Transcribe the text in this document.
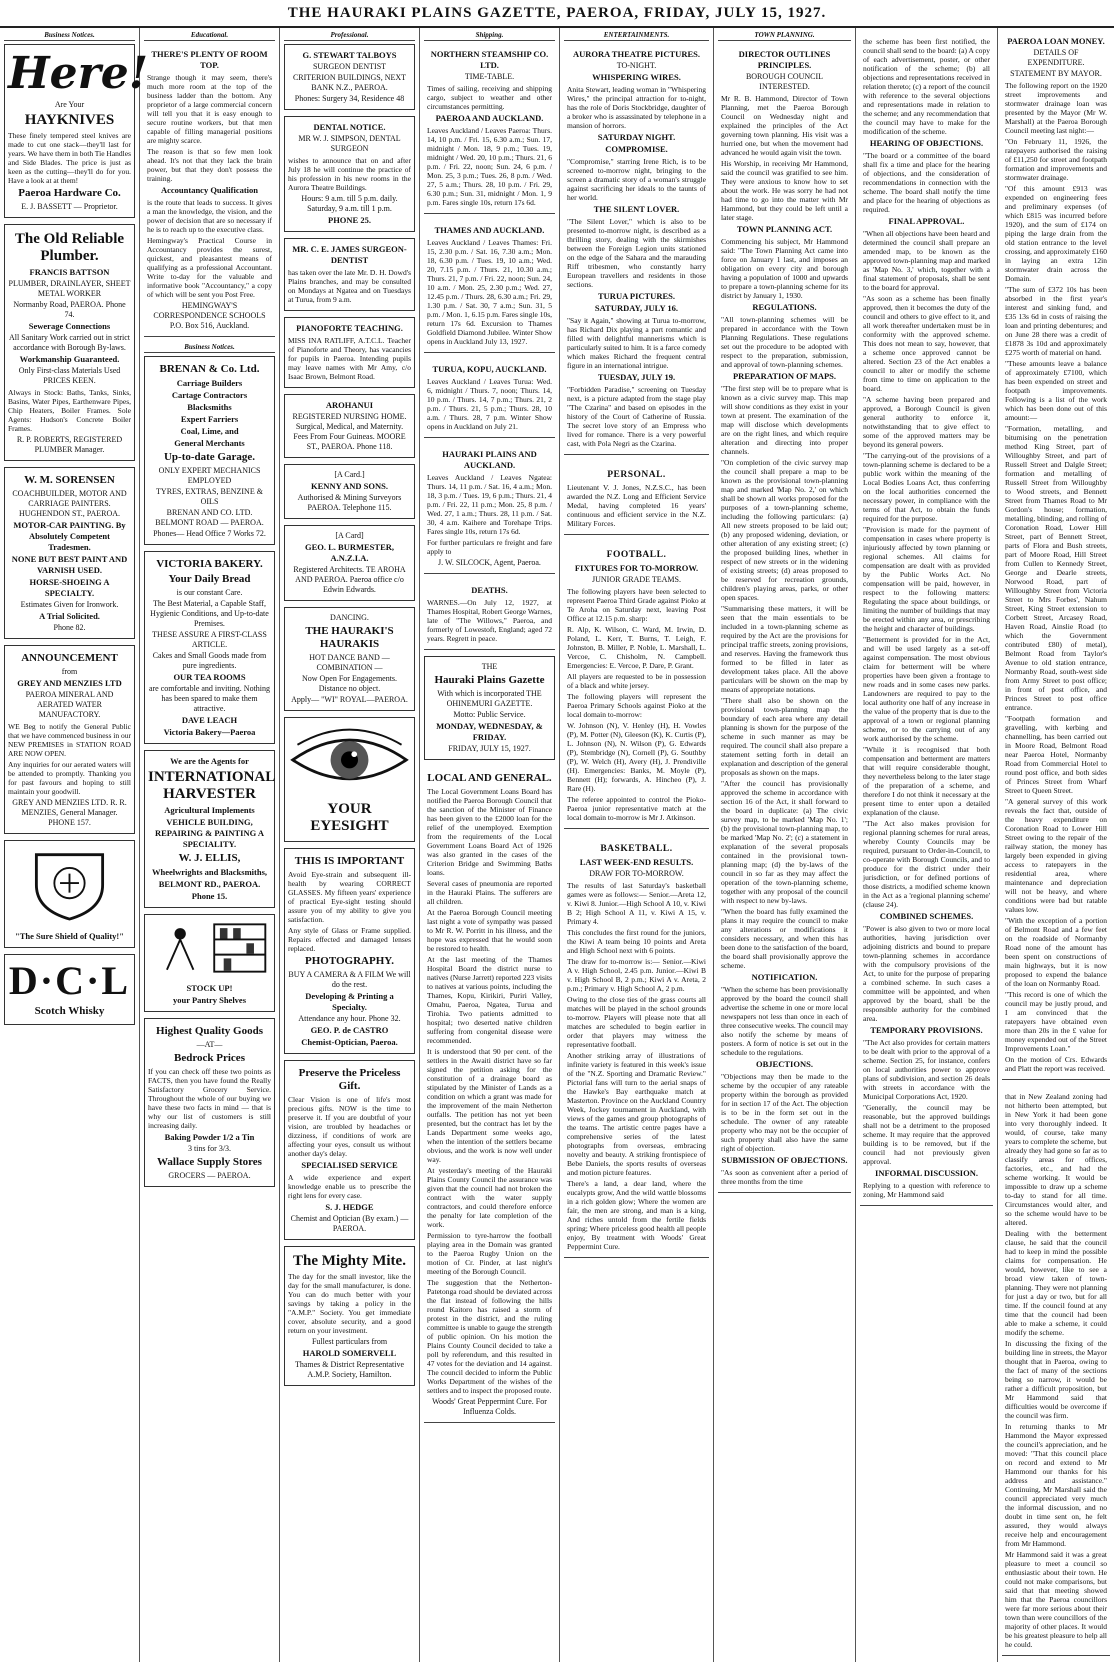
THE HAURAKI PLAINS GAZETTE, PAEROA, FRIDAY, JULY 15, 1927.
Business Notices.
Here!
Are Your
HAYKNIVES
These finely tempered steel knives are made to cut one stack—they'll last for years. We have them in both Tie Handles and Side Blades. The price is just as keen as the cutting—they'll do for you. Have a look at at them!
Paeroa Hardware Co.
E. J. BASSETT — Proprietor.
The Old Reliable Plumber.
FRANCIS BATTSON
PLUMBER, DRAINLAYER, SHEET METAL WORKER
Normanby Road, PAEROA. Phone 74.
Sewerage Connections
All Sanitary Work carried out in strict accordance with Borough By-laws.
Workmanship Guaranteed.
Only First-class Materials Used PRICES KEEN.
Always in Stock: Baths, Tanks, Sinks, Basins, Water Pipes, Earthenware Pipes, Chip Heaters, Boiler Frames. Sole Agents: Hudson's Concrete Boiler Frames.
R. P. ROBERTS, REGISTERED PLUMBER Manager.
W. M. SORENSEN
COACHBUILDER, MOTOR AND CARRIAGE PAINTERS. HUGHENDON ST., PAEROA.
MOTOR-CAR PAINTING. By Absolutely Competent Tradesmen.
NONE BUT BEST PAINT AND VARNISH USED.
HORSE-SHOEING A SPECIALTY.
Estimates Given for Ironwork.
A Trial Solicited.
Phone 82.
ANNOUNCEMENT
from
GREY AND MENZIES LTD
PAEROA MINERAL AND AERATED WATER MANUFACTORY.
WE Beg to notify the General Public that we have commenced business in our NEW PREMISES in STATION ROAD ARE NOW OPEN.
Any inquiries for our aerated waters will be attended to promptly. Thanking you for past favours and hoping to still maintain your goodwill.
GREY AND MENZIES LTD. R. R. MENZIES, General Manager. PHONE 157.
"The Sure Shield of Quality!"
D·C·L
Scotch Whisky
Educational.
THERE'S PLENTY OF ROOM TOP.
Strange though it may seem, there's much more room at the top of the business ladder than the bottom. Any proprietor of a large commercial concern will tell you that it is easy enough to secure routine workers, but that men capable of filling managerial positions are mighty scarce.
The reason is that so few men look ahead. It's not that they lack the brain power, but that they don't possess the training.
Accountancy Qualification
is the route that leads to success. It gives a man the knowledge, the vision, and the power of decision that are so necessary if he is to reach up to the executive class.
Hemingway's Practical Course in Accountancy provides the surest, quickest, and pleasantest means of qualifying as a professional Accountant. Write to-day for the valuable and informative book "Accountancy," a copy of which will be sent you Post Free.
HEMINGWAY'S CORRESPONDENCE SCHOOLS P.O. Box 516, Auckland.
Business Notices.
BRENAN & Co. Ltd.
Carriage Builders
Cartage Contractors
Blacksmiths
Expert Farriers
Coal, Lime, and
General Merchants
Up-to-date Garage.
ONLY EXPERT MECHANICS EMPLOYED
TYRES, EXTRAS, BENZINE & OILS
BRENAN AND CO. LTD. BELMONT ROAD — PAEROA.
Phones— Head Office 7 Works 72.
VICTORIA BAKERY.
Your Daily Bread
is our constant Care.
The Best Material, a Capable Staff, Hygienic Conditions, and Up-to-date Premises.
THESE ASSURE A FIRST-CLASS ARTICLE.
Cakes and Small Goods made from pure ingredients.
OUR TEA ROOMS
are comfortable and inviting. Nothing has been spared to make them attractive.
DAVE LEACH
Victoria Bakery—Paeroa
We are the Agents for
INTERNATIONAL HARVESTER
Agricultural Implements
VEHICLE BUILDING, REPAIRING & PAINTING A SPECIALITY.
W. J. ELLIS,
Wheelwrights and Blacksmiths,
BELMONT RD., PAEROA.
Phone 15.
STOCK UP!
your Pantry Shelves
Highest Quality Goods
—AT—
Bedrock Prices
If you can check off these two points as FACTS, then you have found the Really Satisfactory Grocery Service. Throughout the whole of our buying we have these two facts in mind — that is why our list of customers is still increasing daily.
Baking Powder 1/2 a Tin
3 tins for 3/3.
Wallace Supply Stores
GROCERS — PAEROA.
Professional.
G. STEWART TALBOYS
SURGEON DENTIST
CRITERION BUILDINGS, NEXT BANK N.Z., PAEROA.
Phones: Surgery 34, Residence 48
DENTAL NOTICE.
MR W. J. SIMPSON, DENTAL SURGEON
wishes to announce that on and after July 18 he will continue the practice of his profession in his new rooms in the Aurora Theatre Buildings.
Hours: 9 a.m. till 5 p.m. daily. Saturday, 9 a.m. till 1 p.m.
PHONE 25.
MR. C. E. JAMES SURGEON-DENTIST
has taken over the late Mr. D. H. Dowd's Plains branches, and may be consulted on Mondays at Ngatea and on Tuesdays at Turua, from 9 a.m.
PIANOFORTE TEACHING.
MISS INA RATLIFF, A.T.C.L. Teacher of Pianoforte and Theory, has vacancies for pupils in Paeroa. Intending pupils may leave names with Mr Amy, c/o Isaac Brown, Belmont Road.
AROHANUI
REGISTERED NURSING HOME. Surgical, Medical, and Maternity. Fees From Four Guineas. MOORE ST., PAEROA. Phone 118.
[A Card.]
KENNY AND SONS.
Authorised & Mining Surveyors PAEROA. Telephone 115.
[A Card]
GEO. L. BURMESTER, A.N.Z.I.A.
Registered Architects. TE AROHA AND PAEROA. Paeroa office c/o Edwin Edwards.
DANCING.
THE HAURAKI'S HAURAKIS
HOT DANCE BAND — COMBINATION —
Now Open For Engagements. Distance no object.
Apply— "WI" ROYAL—PAEROA.
YOUR EYESIGHT
THIS IS IMPORTANT
Avoid Eye-strain and subsequent ill-health by wearing CORRECT GLASSES. My fifteen years' experience of practical Eye-sight testing should assure you of my ability to give you satisfaction.
Any style of Glass or Frame supplied. Repairs effected and damaged lenses replaced.
PHOTOGRAPHY.
BUY A CAMERA & A FILM We will do the rest.
Developing & Printing a Specialty.
Attendance any hour. Phone 32.
GEO. P. de CASTRO
Chemist-Optician, Paeroa.
Preserve the Priceless Gift.
Clear Vision is one of life's most precious gifts. NOW is the time to preserve it. If you are doubtful of your vision, are troubled by headaches or dizziness, if conditions of work are affecting your eyes, consult us without another day's delay.
SPECIALISED SERVICE
A wide experience and expert knowledge enable us to prescribe the right lens for every case.
S. J. HEDGE
Chemist and Optician (By exam.) — PAEROA.
The Mighty Mite.
The day for the small investor, like the day for the small manufacturer, is done. You can do much better with your savings by taking a policy in the "A.M.P." Society. You get immediate cover, absolute security, and a good return on your investment.
Fullest particulars from
HAROLD SOMERVELL
Thames & District Representative A.M.P. Society, Hamilton.
Shipping.
NORTHERN STEAMSHIP CO. LTD.
TIME-TABLE.
Times of sailing, receiving and shipping cargo, subject to weather and other circumstances permitting.
PAEROA AND AUCKLAND.
Leaves Auckland / Leaves Paeroa: Thurs. 14, 10 p.m. / Fri. 15, 6.30 a.m.; Sun. 17, midnight / Mon. 18, 9 p.m.; Tues. 19, midnight / Wed. 20, 10 p.m.; Thurs. 21, 6 p.m. / Fri. 22, noon; Sun. 24, 6 p.m. / Mon. 25, 3 p.m.; Tues. 26, 8 p.m. / Wed. 27, 5 a.m.; Thurs. 28, 10 p.m. / Fri. 29, 6.30 p.m.; Sun. 31, midnight / Mon. 1, 9 p.m. Fares single 10s, return 17s 6d.
THAMES AND AUCKLAND.
Leaves Auckland / Leaves Thames: Fri. 15, 2.30 p.m. / Sat. 16, 7.30 a.m.; Mon. 18, 6.30 p.m. / Tues. 19, 10 a.m.; Wed. 20, 7.15 p.m. / Thurs. 21, 10.30 a.m.; Thurs. 21, 7 p.m. / Fri. 22, noon; Sun. 24, 10 a.m. / Mon. 25, 2.30 p.m.; Wed. 27, 12.45 p.m. / Thurs. 28, 6.30 a.m.; Fri. 29, 1.30 p.m. / Sat. 30, 7 a.m.; Sun. 31, 5 p.m. / Mon. 1, 6.15 p.m. Fares single 10s, return 17s 6d. Excursion to Thames Goldfield Diamond Jubilee. Winter Show opens in Auckland July 13, 1927.
TURUA, KOPU, AUCKLAND.
Leaves Auckland / Leaves Turua: Wed. 6, midnight / Thurs. 7, noon; Thurs. 14, 10 p.m. / Thurs. 14, 7 p.m.; Thurs. 21, 2 p.m. / Thurs. 21, 5 p.m.; Thurs. 28, 10 a.m. / Thurs. 28, 7 p.m. Winter Show opens in Auckland on July 21.
HAURAKI PLAINS AND AUCKLAND.
Leaves Auckland / Leaves Ngatea: Thurs. 14, 11 p.m. / Sat. 16, 4 a.m.; Mon. 18, 3 p.m. / Tues. 19, 6 p.m.; Thurs. 21, 4 p.m. / Fri. 22, 11 p.m.; Mon. 25, 8 p.m. / Wed. 27, 1 a.m.; Thurs. 28, 11 p.m. / Sat. 30, 4 a.m. Kaihere and Torehape Trips. Fares single 10s, return 17s 6d.
For further particulars re freight and fare apply to
J. W. SILCOCK, Agent, Paeroa.
DEATHS.
WARNES.—On July 12, 1927, at Thames Hospital, Robert George Warnes, late of "The Willows," Paeroa, and formerly of Lowestoft, England; aged 72 years. Regrett in peace.
THE
Hauraki Plains Gazette
With which is incorporated THE OHINEMURI GAZETTE.
Motto: Public Service.
MONDAY, WEDNESDAY, & FRIDAY.
FRIDAY, JULY 15, 1927.
LOCAL AND GENERAL.
The Local Government Loans Board has notified the Paeroa Borough Council that the sanction of the Minister of Finance has been given to the £2000 loan for the relief of the unemployed. Exemption from the requirements of the Local Government Loans Board Act of 1926 was also granted in the cases of the Criterion Bridge and Swimming Baths loans.
Several cases of pneumonia are reported in the Hauraki Plains. The sufferers are all children.
At the Paeroa Borough Council meeting last night a vote of sympathy was passed to Mr R. W. Porritt in his illness, and the hope was expressed that he would soon be restored to health.
At the last meeting of the Thames Hospital Board the district nurse to natives (Nurse Jarrett) reported 223 visits to natives at various points, including the Thames, Kopu, Kirikiri, Puriri Valley, Omahu, Paeroa, Ngatea, Turua and Tirohia. Two patients admitted to hospital; two deserted native children suffering from congenital disease were recommended.
It is understood that 90 per cent. of the settlers in the Awaiti district have so far signed the petition asking for the constitution of a drainage board as stipulated by the Minister of Lands as a condition on which a grant was made for the improvement of the main Netherton outfalls. The petition has not yet been presented, but the contract has let by the Lands Department some weeks ago, when the intention of the settlers became obvious, and the work is now well under way.
At yesterday's meeting of the Hauraki Plains County Council the assurance was given that the council had not broken the contract with the water supply contractors, and could therefore enforce the penalty for late completion of the work.
Permission to tyre-harrow the football playing area in the Domain was granted to the Paeroa Rugby Union on the motion of Cr. Pinder, at last night's meeting of the Borough Council.
The suggestion that the Netherton-Patetonga road should be deviated across the flat instead of following the hills round Kaitoro has raised a storm of protest in the district, and the ruling committee is unable to gauge the strength of public opinion. On his motion the Plains County Council decided to take a poll by referendum, and this resulted in 47 votes for the deviation and 14 against. The council decided to inform the Public Works Department of the wishes of the settlers and to inspect the proposed route.
Woods' Great Peppermint Cure. For Influenza Colds.
ENTERTAINMENTS.
AURORA THEATRE PICTURES.
TO-NIGHT.
WHISPERING WIRES.
Anita Stewart, leading woman in "Whispering Wires," the principal attraction for to-night, has the role of Doris Stockbridge, daughter of a broker who is assassinated by telephone in a mansion of horrors.
SATURDAY NIGHT.
COMPROMISE.
"Compromise," starring Irene Rich, is to be screened to-morrow night, bringing to the screen a dramatic story of a woman's struggle against sacrificing her ideals to the taunts of her world.
THE SILENT LOVER.
"The Silent Lover," which is also to be presented to-morrow night, is described as a thrilling story, dealing with the skirmishes between the Foreign Legion units stationed on the edge of the Sahara and the marauding Riff tribesmen, who constantly harry European travellers and residents in those sections.
TURUA PICTURES.
SATURDAY, JULY 16.
"Say it Again," showing at Turua to-morrow, has Richard Dix playing a part romantic and filled with delightful mannerisms which is particularly suited to him. It is a farce comedy which makes Richard the frequent central figure in an international intrigue.
TUESDAY, JULY 19.
"Forbidden Paradise," screening on Tuesday next, is a picture adapted from the stage play "The Czarina" and based on episodes in the history of the Court of Catherine of Russia. The secret love story of an Empress who lived for romance. There is a very powerful cast, with Pola Negri as the Czarina.
PERSONAL.
Lieutenant V. J. Jones, N.Z.S.C., has been awarded the N.Z. Long and Efficient Service Medal, having completed 16 years' continuous and efficient service in the N.Z. Military Forces.
FOOTBALL.
FIXTURES FOR TO-MORROW.
JUNIOR GRADE TEAMS.
The following players have been selected to represent Paeroa Third Grade against Pioko at Te Aroha on Saturday next, leaving Post Office at 12.15 p.m. sharp:
R. Alp, K. Wilson, C. Ward, M. Irwin, D. Poland, L. Kerr, T. Burns, T. Leigh, F. Johnston, B. Miller, P. Noble, L. Marshall, L. Vercoe, C. Chisholm, N. Campbell. Emergencies: E. Vercoe, P. Dare, P. Grant.
All players are requested to be in possession of a black and white jersey.
The following players will represent the Paeroa Primary Schools against Pioko at the local domain to-morrow:
W. Johnson (N), V. Henley (H), H. Vowles (P), M. Potter (N), Gleeson (K), K. Curtis (P), L. Johnson (N), N. Wilson (P), G. Edwards (P), Stembridge (N), Cornell (P), G. Southby (P), W. Welch (H), Avery (H), J. Prendiville (H). Emergencies: Banks, M. Moyle (P), Bennett (H); forwards, A. Hincheo (P), J. Rare (H).
The referee appointed to control the Pioko-Paeroa junior representative match at the local domain to-morrow is Mr J. Atkinson.
BASKETBALL.
LAST WEEK-END RESULTS.
DRAW FOR TO-MORROW.
The results of last Saturday's basketball games were as follows:— Senior.—Areta 12, v. Kiwi 8. Junior.—High School A 10, v. Kiwi B 2; High School A 11, v. Kiwi A 15, v. Primary 4.
This concludes the first round for the juniors, the Kiwi A team being 10 points and Areta and High School next with 6 points.
The draw for to-morrow is:— Senior.—Kiwi A v. High School, 2.45 p.m. Junior.—Kiwi B v. High School B, 2 p.m.; Kiwi A v. Areta, 2 p.m.; Primary v. High School A, 2 p.m.
Owing to the close ties of the grass courts all matches will be played in the school grounds to-morrow. Players will please note that all matches are scheduled to begin earlier in order that players may witness the representative football.
Another striking array of illustrations of infinite variety is featured in this week's issue of the "N.Z. Sporting and Dramatic Review." Pictorial fans will turn to the aerial snaps of the Hawke's Bay earthquake match at Masterton. Province on the Auckland Country Week, Jockey tournament in Auckland, with views of the games and group photographs of the teams. The artistic centre pages have a comprehensive series of the latest photographs from overseas, embracing novelty and beauty. A striking frontispiece of Bebe Daniels, the sports results of overseas and motion picture features.
There's a land, a dear land, where the eucalypts grow, And the wild wattle blossoms in a rich golden glow; Where the women are fair, the men are strong, and man is a king, And riches untold from the fertile fields spring; Where priceless good health all people enjoy, By treatment with Woods' Great Peppermint Cure.
TOWN PLANNING.
DIRECTOR OUTLINES PRINCIPLES.
BOROUGH COUNCIL INTERESTED.
Mr R. B. Hammond, Director of Town Planning, met the Paeroa Borough Council on Wednesday night and explained the principles of the Act governing town planning. His visit was a hurried one, but when the movement had advanced he would again visit the town.
His Worship, in receiving Mr Hammond, said the council was gratified to see him. They were anxious to know how to set about the work. He was sorry he had not had time to go into the matter with Mr Hammond, but they could be left until a later stage.
TOWN PLANNING ACT.
Commencing his subject, Mr Hammond said: "The Town Planning Act came into force on January 1 last, and imposes an obligation on every city and borough having a population of 1000 and upwards to prepare a town-planning scheme for its district by January 1, 1930.
REGULATIONS.
"All town-planning schemes will be prepared in accordance with the Town Planning Regulations. These regulations set out the procedure to be adopted with respect to the preparation, submission, and approval of town-planning schemes.
PREPARATION OF MAPS.
"The first step will be to prepare what is known as a civic survey map. This map will show conditions as they exist in your town at present. The examination of the map will disclose which developments are on the right lines, and which require alteration and directing into proper channels.
"On completion of the civic survey map the council shall prepare a map to be known as the provisional town-planning map and marked 'Map No. 2,' on which shall be shown all works proposed for the purposes of a town-planning scheme, including the following particulars: (a) All new streets proposed to be laid out; (b) any proposed widening, deviation, or other alteration of any existing street; (c) the proposed building lines, whether in respect of new streets or in the widening of existing streets; (d) areas proposed to be reserved for recreation grounds, children's playing areas, parks, or other open spaces.
"Summarising these matters, it will be seen that the main essentials to be included in a town-planning scheme as required by the Act are the provisions for principal traffic streets, zoning provisions, and reserves. Having the framework thus formed to be filled in later as development takes place. All the above particulars will be shown on the map by means of appropriate notations.
"There shall also be shown on the provisional town-planning map the boundary of each area where any detail planning is shown for the purpose of the scheme in such manner as may be required. The council shall also prepare a statement setting forth in detail an explanation and description of the general proposals as shown on the maps.
"After the council has provisionally approved the scheme in accordance with section 16 of the Act, it shall forward to the board in duplicate: (a) The civic survey map, to be marked 'Map No. 1'; (b) the provisional town-planning map, to be marked 'Map No. 2'; (c) a statement in explanation of the several proposals contained in the provisional town-planning map; (d) the by-laws of the council in so far as they may affect the operation of the town-planning scheme, together with any proposal of the council with respect to new by-laws.
"When the board has fully examined the plans it may require the council to make any alterations or modifications it considers necessary, and when this has been done to the satisfaction of the board, the board shall provisionally approve the scheme.
NOTIFICATION.
"When the scheme has been provisionally approved by the board the council shall advertise the scheme in one or more local newspapers not less than once in each of three consecutive weeks. The council may also notify the scheme by means of posters. A form of notice is set out in the schedule to the regulations.
OBJECTIONS.
"Objections may then be made to the scheme by the occupier of any rateable property within the borough as provided for in section 17 of the Act. The objection is to be in the form set out in the schedule. The owner of any rateable property who may not be the occupier of such property shall also have the same right of objection.
SUBMISSION OF OBJECTIONS.
"As soon as convenient after a period of three months from the time
the scheme has been first notified, the council shall send to the board: (a) A copy of each advertisement, poster, or other notification of the scheme; (b) all objections and representations received in relation thereto; (c) a report of the council with reference to the several objections and representations made in relation to the scheme; and any recommendation that the council may have to make for the modification of the scheme.
HEARING OF OBJECTIONS.
"The board or a committee of the board shall fix a time and place for the hearing of objections, and the consideration of recommendations in connection with the scheme. The board shall notify the time and place for the hearing of objections as required.
FINAL APPROVAL.
"When all objections have been heard and determined the council shall prepare an amended map, to be known as the approved town-planning map and marked as 'Map No. 3,' which, together with a final statement of proposals, shall be sent to the board for approval.
"As soon as a scheme has been finally approved, then it becomes the duty of the council and others to give effect to it, and all work thereafter undertaken must be in conformity with the approved scheme. This does not mean to say, however, that a scheme once approved cannot be altered. Section 23 of the Act enables a council to alter or modify the scheme from time to time on application to the board.
"A scheme having been prepared and approved, a Borough Council is given general authority to enforce it, notwithstanding that to give effect to some of the approved matters may be beyond its general powers.
"The carrying-out of the provisions of a town-planning scheme is declared to be a public work within the meaning of the Local Bodies Loans Act, thus conferring on the local authorities concerned the necessary power, in compliance with the terms of that Act, to obtain the funds required for the purpose.
"Provision is made for the payment of compensation in cases where property is injuriously affected by town planning or regional schemes. All claims for compensation are dealt with as provided by the Public Works Act. No compensation will be paid, however, in respect to the following matters: Regulating the space about buildings, or limiting the number of buildings that may be erected within any area, or prescribing the height and character of buildings.
"Betterment is provided for in the Act, and will be used largely as a set-off against compensation. The most obvious claim for betterment will be where properties have been given a frontage to new roads and in some cases new parks. Landowners are required to pay to the local authority one half of any increase in the value of the property that is due to the approval of a town or regional planning scheme, or to the carrying out of any work authorised by the scheme.
"While it is recognised that both compensation and betterment are matters that will require considerable thought, they nevertheless belong to the later stage of the preparation of a scheme, and therefore I do not think it necessary at the present time to enter upon a detailed explanation of the clause.
"The Act also makes provision for regional planning schemes for rural areas, whereby County Councils may be required, pursuant to Order-in-Council, to co-operate with Borough Councils, and to produce for the district under their jurisdiction, or for defined portions of those districts, a modified scheme known in the Act as a 'regional planning scheme' (clause 24).
COMBINED SCHEMES.
"Power is also given to two or more local authorities, having jurisdiction over adjoining districts and bound to prepare town-planning schemes in accordance with the compulsory provisions of the Act, to unite for the purpose of preparing a combined scheme. In such cases a committee will be appointed, and when approved by the board, shall be the responsible authority for the combined area.
TEMPORARY PROVISIONS.
"The Act also provides for certain matters to be dealt with prior to the approval of a scheme. Section 25, for instance, confers on local authorities power to approve plans of subdivision, and section 26 deals with streets in accordance with the Municipal Corporations Act, 1920.
"Generally, the council may be reasonable, but the approved buildings shall not be a detriment to the proposed scheme. It may require that the approved building is to be removed, but if the council had not previously given approval.
INFORMAL DISCUSSION.
Replying to a question with reference to zoning, Mr Hammond said
PAEROA LOAN MONEY.
DETAILS OF EXPENDITURE.
STATEMENT BY MAYOR.
The following report on the 1920 street improvements and stormwater drainage loan was presented by the Mayor (Mr W. Marshall) at the Paeroa Borough Council meeting last night:—
"On February 11, 1926, the ratepayers authorised the raising of £11,250 for street and footpath formation and improvements and stormwater drainage.
"Of this amount £913 was expended on engineering fees and preliminary expenses (of which £815 was incurred before 1920), and the sum of £174 on piping the large drain from the old station entrance to the level crossing, and approximately £160 in laying an extra 12in stormwater drain across the Domain.
"The sum of £372 10s has been absorbed in the first year's interest and sinking fund, and £35 13s 6d in costs of raising the loan and printing debentures; and on June 28 there was a credit of £1878 3s 10d and approximately £275 worth of material on hand.
"These amounts leave a balance of approximately £7100, which has been expended on street and footpath improvements. Following is a list of the work which has been done out of this amount:—
"Formation, metalling, and bitumising on the penetration method King Street, part of Willoughby Street, and part of Russell Street and Dalgle Street; formation and metalling of Russell Street from Willoughby to Wood streets, and Bennett Street from Thames Road to Mr Gordon's house; formation, metalling, blinding, and rolling of Coronation Road, Lower Hill Street, part of Bennett Street, parts of Flora and Bush streets, part of Moore Road, Hill Street from Cullen to Kennedy Street, George and Dearle streets, Norwood Road, part of Willoughby Street from Victoria Street to Mrs Forbes', Nahum Street, King Street extension to Corbett Street, Arcasey Road, Haven Road, Ainslie Road (to which the Government contributed £80) of metal), Belmont Road from Taylor's Avenue to old station entrance, Normanby Road, south-west side from Army Street to post office; in front of post office, and Princes Street to post office entrance.
"Footpath formation and gravelling, with kerbing and channelling, has been carried out in Moore Road, Belmont Road near Paeroa Hotel, Normanby Road from Commercial Hotel to round post office, and both sides of Princes Street from Wharf Street to Queen Street.
"A general survey of this work reveals the fact that, outside of the heavy expenditure on Coronation Road to Lower Hill Street owing to the repair of the railway station, the money has largely been expended in giving access to ratepayers in the residential area, where maintenance and depreciation will not be heavy, and where conditions were bad but ratable values low.
"With the exception of a portion of Belmont Road and a few feet on the roadside of Normanby Road none of the amount has been spent on constructions of main highways, but it is now proposed to expend the balance of the loan on Normanby Road.
"This record is one of which the council may be justly proud, and I am convinced that the ratepayers have obtained even more than 20s in the £ value for money expended out of the Street Improvements Loan."
On the motion of Crs. Edwards and Platt the report was received.
that in New Zealand zoning had not hitherto been attempted, but in New York it had been gone into very thoroughly indeed. It would, of course, take many years to complete the scheme, but already they had gone so far as to classify areas for offices, factories, etc., and had the scheme working. It would be impossible to draw up a scheme to-day to stand for all time. Circumstances would alter, and so the scheme would have to be altered.
Dealing with the betterment clause, he said that the council had to keep in mind the possible claims for compensation. He would, however, like to see a broad view taken of town-planning. They were not planning for just a day or two, but for all time. If the council found at any time that the council had been able to make a scheme, it could modify the scheme.
In discussing the fixing of the building line in streets, the Mayor thought that in Paeroa, owing to the fact of many of the sections being so narrow, it would be rather a difficult proposition, but Mr Hammond said that difficulties would be overcome if the council was firm.
In returning thanks to Mr Hammond the Mayor expressed the council's appreciation, and he moved: "That this council place on record and extend to Mr Hammond our thanks for his address and assistance." Continuing, Mr Marshall said the council appreciated very much the informal discussion, and no doubt in time sent on, he felt assured, they would always receive help and encouragement from Mr Hammond.
Mr Hammond said it was a great pleasure to meet a council so enthusiastic about their town. He could not make comparisons, but said that that meeting showed him that the Paeroa councillors were far more serious about their town than were councillors of the majority of other places. It would be his greatest pleasure to help all he could.
